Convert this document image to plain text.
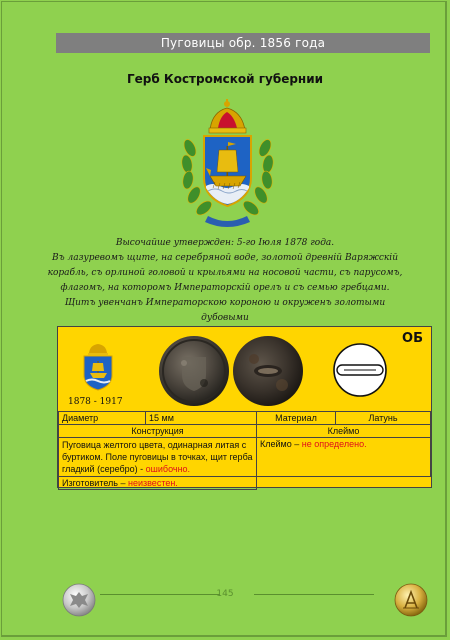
Пуговицы обр. 1856 года
Герб Костромской губернии

Высочайше утвержден: 5-го Іюля 1878 года.

Въ лазуревомъ щите, на серебряной воде, золотой древній Варяжскій

корабль, съ орлиной головой и крыльями на носовой части, съ парусомъ,

флагомъ, на которомъ Императорскій орелъ и съ семью гребцами.

Щитъ увенчанъ Императорскою короною и окруженъ золотыми дубовыми

1878 - 1917
ОБ
Диаметр	15 мм	Материал	Латунь
Конструкция		Клеймо	
Пуговица желтого цвета, одинарная литая с буртиком. Поле пуговицы в точках, щит герба гладкий (серебро) - ошибочно.		Клеймо – не определено.	
Изготовитель – неизвестен.			
145
